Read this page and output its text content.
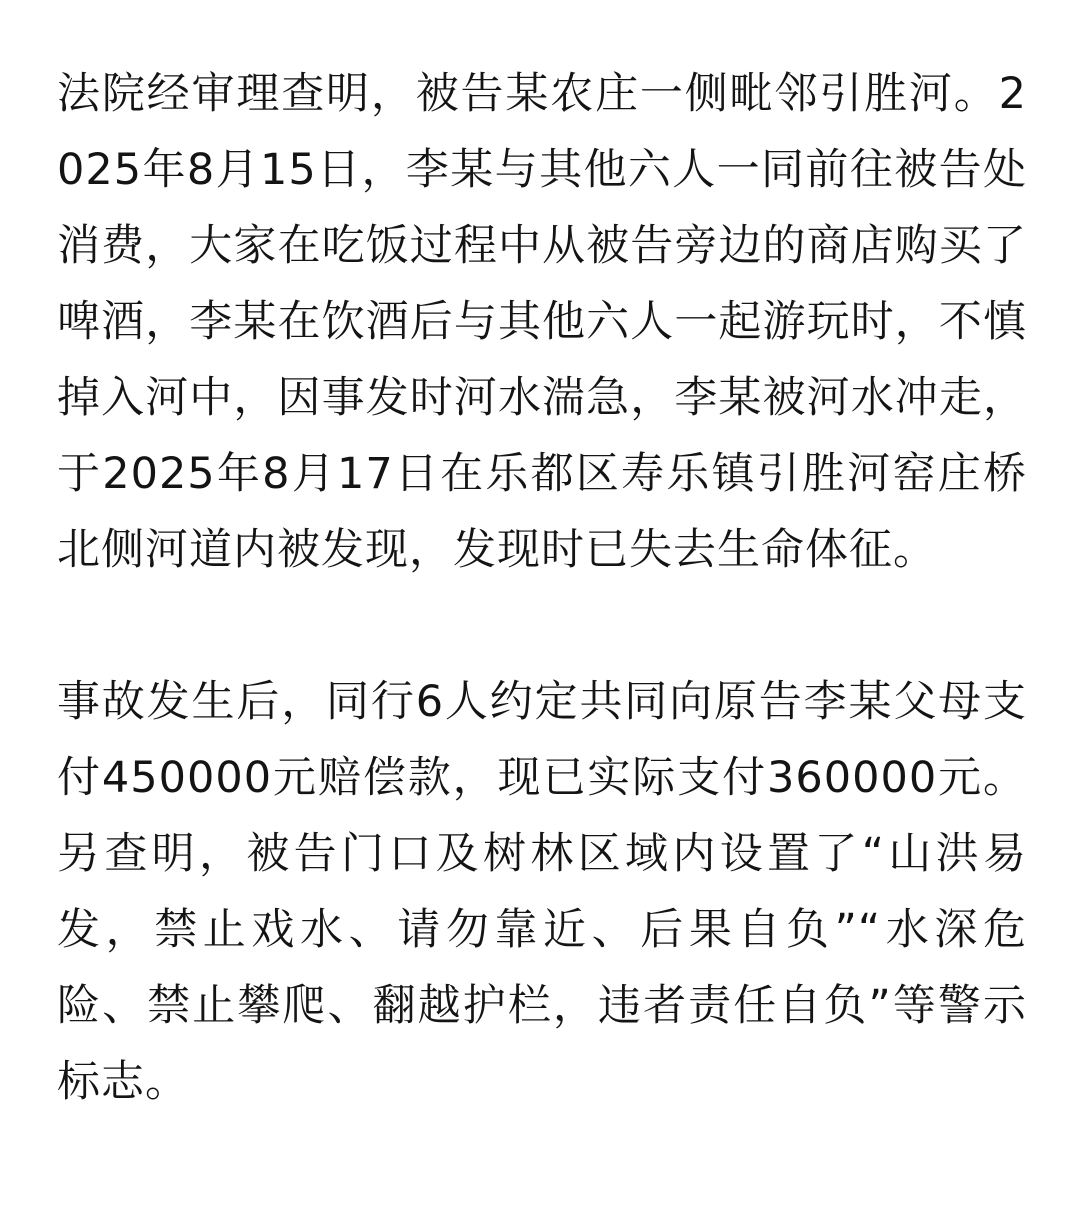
法院经审理查明，被告某农庄一侧毗邻引胜河。2025年8月15日，李某与其他六人一同前往被告处消费，大家在吃饭过程中从被告旁边的商店购买了啤酒，李某在饮酒后与其他六人一起游玩时，不慎掉入河中，因事发时河水湍急，李某被河水冲走，于2025年8月17日在乐都区寿乐镇引胜河窑庄桥北侧河道内被发现，发现时已失去生命体征。

事故发生后，同行6人约定共同向原告李某父母支付450000元赔偿款，现已实际支付360000元。另查明，被告门口及树林区域内设置了“山洪易发，禁止戏水、请勿靠近、后果自负”“水深危险、禁止攀爬、翻越护栏，违者责任自负”等警示标志。
